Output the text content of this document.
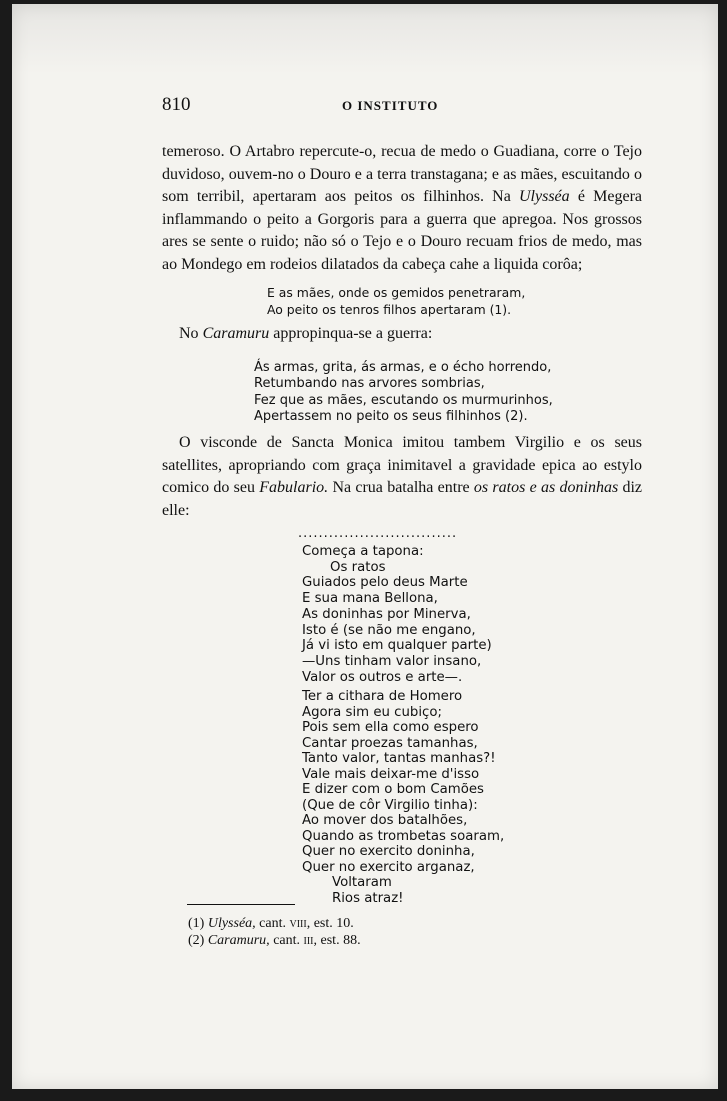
810	O INSTITUTO

temeroso. O Artabro repercute-o, recua de medo o Guadiana, corre o Tejo duvidoso, ouvem-no o Douro e a terra transtagana; e as mães, escuitando o som terribil, apertaram aos peitos os filhinhos. Na Ulysséa é Megera inflammando o peito a Gorgoris para a guerra que apregoa. Nos grossos ares se sente o ruido; não só o Tejo e o Douro recuam frios de medo, mas ao Mondego em rodeios dilatados da cabeça cahe a liquida corôa;

E as mães, onde os gemidos penetraram,
Ao peito os tenros filhos apertaram (1).

No Caramuru appropinqua-se a guerra:

Ás armas, grita, ás armas, e o écho horrendo,
Retumbando nas arvores sombrias,
Fez que as mães, escutando os murmurinhos,
Apertassem no peito os seus filhinhos (2).

O visconde de Sancta Monica imitou tambem Virgilio e os seus satellites, apropriando com graça inimitavel a gravidade epica ao estylo comico do seu Fabulario. Na crua batalha entre os ratos e as doninhas diz elle:

...............................
Começa a tapona:
Os ratos
Guiados pelo deus Marte
E sua mana Bellona,
As doninhas por Minerva,
Isto é (se não me engano,
Já vi isto em qualquer parte)
—Uns tinham valor insano,
Valor os outros e arte—.
Ter a cithara de Homero
Agora sim eu cubiço;
Pois sem ella como espero
Cantar proezas tamanhas,
Tanto valor, tantas manhas?!
Vale mais deixar-me d'isso
E dizer com o bom Camões
(Que de côr Virgilio tinha):
Ao mover dos batalhões,
Quando as trombetas soaram,
Quer no exercito doninha,
Quer no exercito arganaz,
Voltaram
Rios atraz!
(1) Ulysséa, cant. viii, est. 10.
(2) Caramuru, cant. iii, est. 88.
